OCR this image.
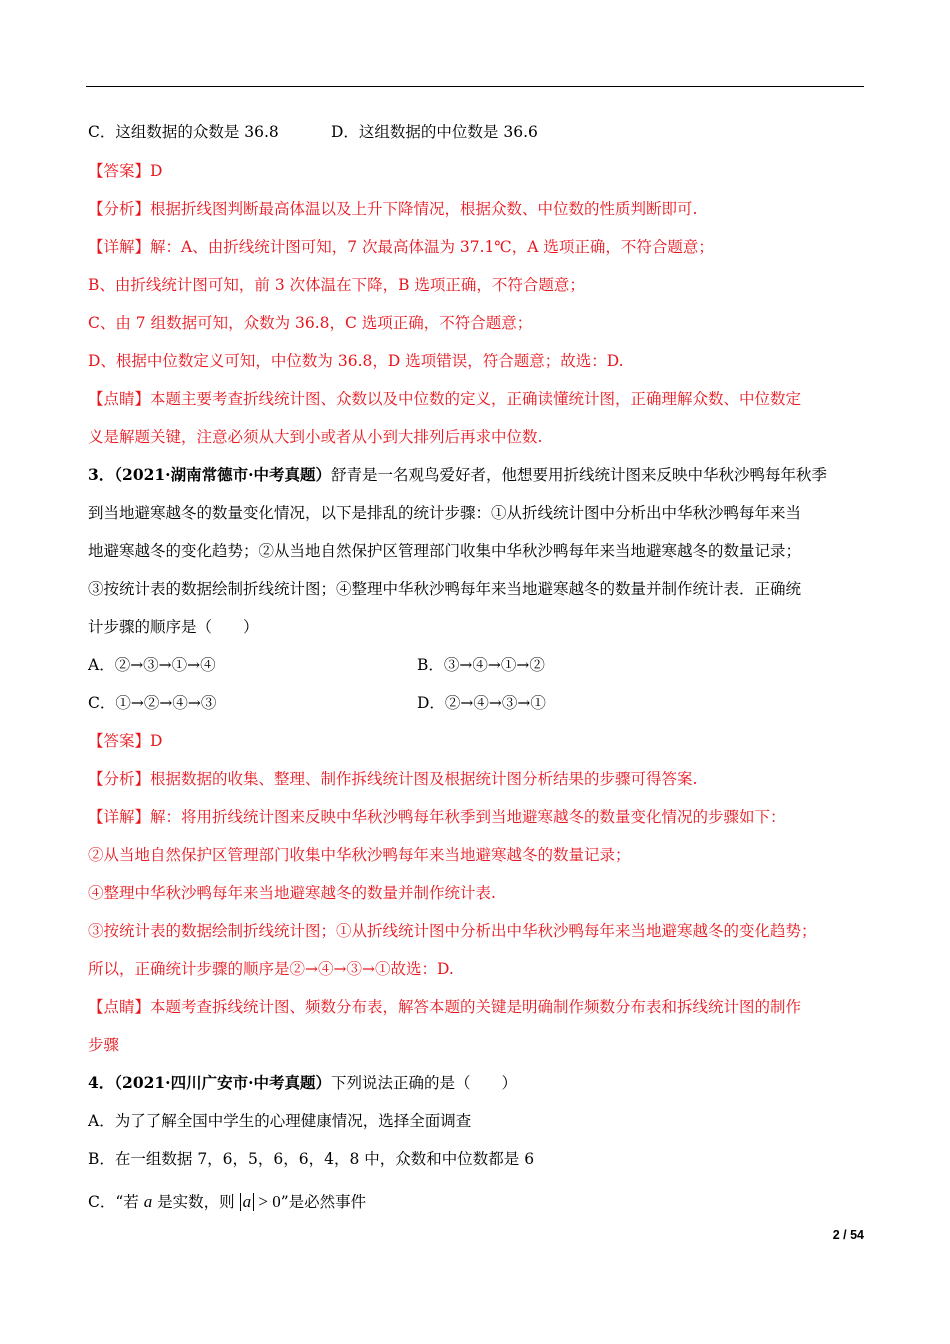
C．这组数据的众数是 36.8	D．这组数据的中位数是 36.6
【答案】D
【分析】根据折线图判断最高体温以及上升下降情况，根据众数、中位数的性质判断即可.
【详解】解：A、由折线统计图可知，7 次最高体温为 37.1℃，A 选项正确，不符合题意；
B、由折线统计图可知，前 3 次体温在下降，B 选项正确，不符合题意；
C、由 7 组数据可知，众数为 36.8，C 选项正确，不符合题意；
D、根据中位数定义可知，中位数为 36.8，D 选项错误，符合题意；故选：D.
【点睛】本题主要考查折线统计图、众数以及中位数的定义，正确读懂统计图，正确理解众数、中位数定
义是解题关键，注意必须从大到小或者从小到大排列后再求中位数.
3．（2021·湖南常德市·中考真题）舒青是一名观鸟爱好者，他想要用折线统计图来反映中华秋沙鸭每年秋季
到当地避寒越冬的数量变化情况，以下是排乱的统计步骤：①从折线统计图中分析出中华秋沙鸭每年来当
地避寒越冬的变化趋势；②从当地自然保护区管理部门收集中华秋沙鸭每年来当地避寒越冬的数量记录；
③按统计表的数据绘制折线统计图；④整理中华秋沙鸭每年来当地避寒越冬的数量并制作统计表．正确统
计步骤的顺序是（　　）
A．②→③→①→④	B．③→④→①→②
C．①→②→④→③	D．②→④→③→①
【答案】D
【分析】根据数据的收集、整理、制作拆线统计图及根据统计图分析结果的步骤可得答案.
【详解】解：将用折线统计图来反映中华秋沙鸭每年秋季到当地避寒越冬的数量变化情况的步骤如下：
②从当地自然保护区管理部门收集中华秋沙鸭每年来当地避寒越冬的数量记录；
④整理中华秋沙鸭每年来当地避寒越冬的数量并制作统计表.
③按统计表的数据绘制折线统计图；①从折线统计图中分析出中华秋沙鸭每年来当地避寒越冬的变化趋势；
所以，正确统计步骤的顺序是②→④→③→①故选：D.
【点睛】本题考查拆线统计图、频数分布表，解答本题的关键是明确制作频数分布表和拆线统计图的制作
步骤
4．（2021·四川广安市·中考真题）下列说法正确的是（　　）
A．为了了解全国中学生的心理健康情况，选择全面调查
B．在一组数据 7，6，5，6，6，4，8 中，众数和中位数都是 6
C．“若 a 是实数，则 a > 0”是必然事件
2 / 54
